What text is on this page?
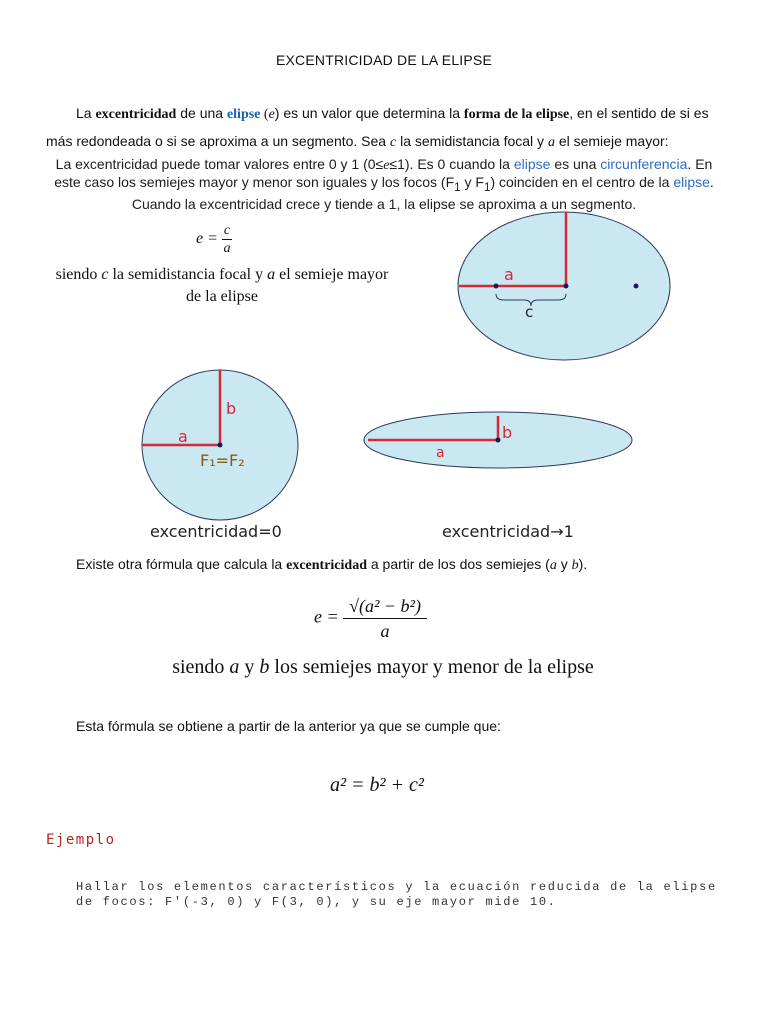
EXCENTRICIDAD DE LA ELIPSE
La excentricidad de una elipse (e) es un valor que determina la forma de la elipse, en el sentido de si es más redondeada o si se aproxima a un segmento. Sea c la semidistancia focal y a el semieje mayor:
La excentricidad puede tomar valores entre 0 y 1 (0≤e≤1). Es 0 cuando la elipse es una circunferencia. En este caso los semiejes mayor y menor son iguales y los focos ($F_1$ y $F_1$) coinciden en el centro de la elipse. Cuando la excentricidad crece y tiende a 1, la elipse se aproxima a un segmento.
$e = \frac{c}{a}$
siendo c la semidistancia focal y a el semieje mayor de la elipse
a
c
b
a
F₁=F₂
excentricidad=0
b
a
excentricidad→1
Existe otra fórmula que calcula la excentricidad a partir de los dos semiejes (a y b).
$e = \frac{\text{√(a² − b²)}}{a}$
siendo a y b los semiejes mayor y menor de la elipse
Esta fórmula se obtiene a partir de la anterior ya que se cumple que:
a² = b² + c²
Ejemplo
Hallar los elementos característicos y la ecuación reducida de la elipse de focos: F'(-3, 0) y F(3, 0), y su eje mayor mide 10.
